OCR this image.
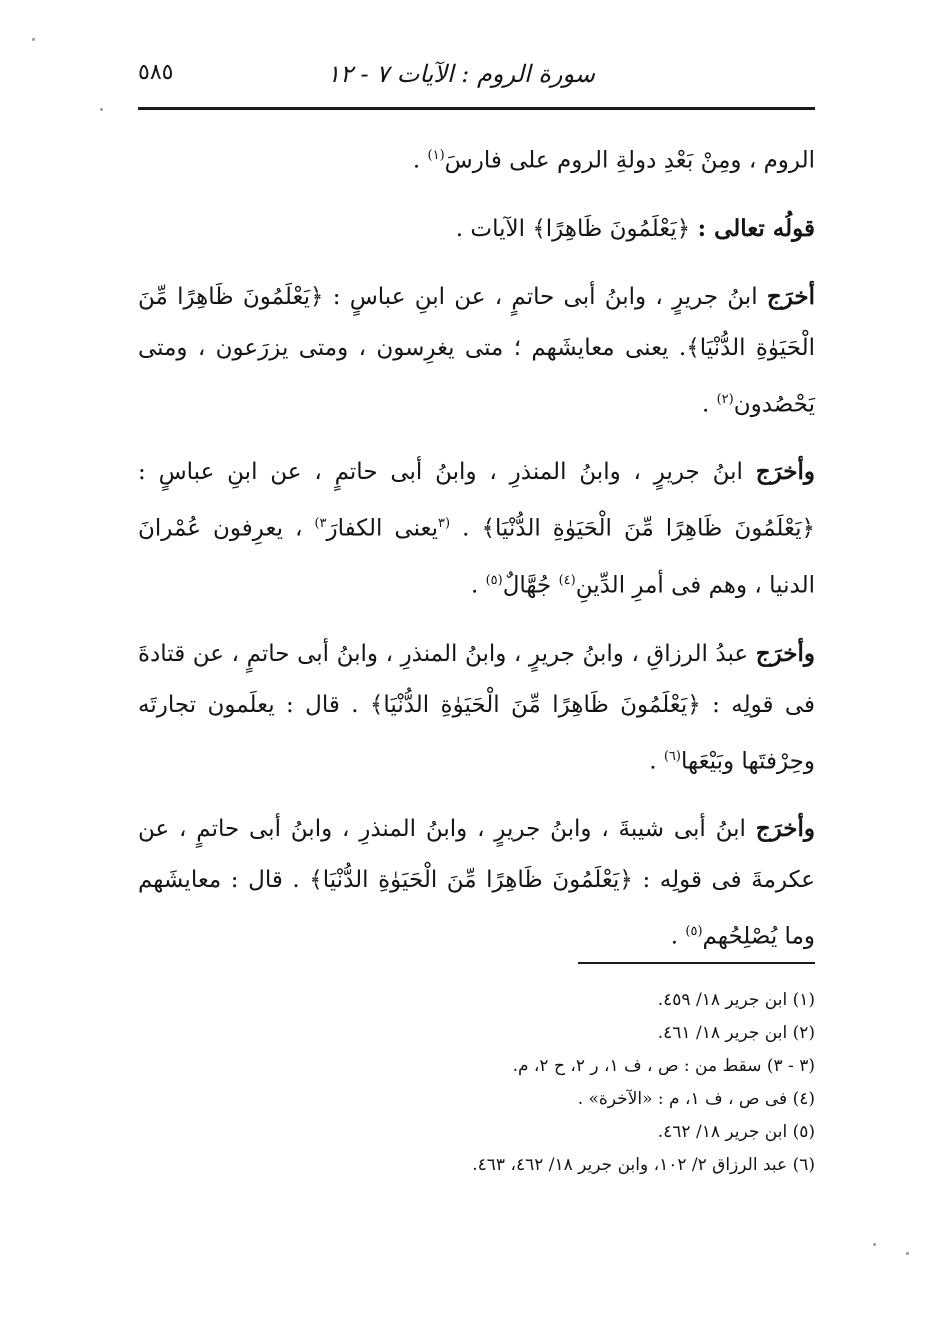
سورة الروم : الآيات ٧ - ١٢
٥٨٥

الروم ، ومِنْ بَعْدِ دولةِ الروم على فارسَ$^{(١)}$ .

قولُه تعالى : ﴿يَعْلَمُونَ ظَاهِرًا﴾ الآيات .

أخرَج ابنُ جريرٍ ، وابنُ أبى حاتمٍ ، عن ابنِ عباسٍ : ﴿يَعْلَمُونَ ظَاهِرًا مِّنَ الْحَيَوٰةِ الدُّنْيَا﴾. يعنى معايشَهم ؛ متى يغرِسون ، ومتى يزرَعون ، ومتى يَحْصُدون$^{(٢)}$ .

وأخرَج ابنُ جريرٍ ، وابنُ المنذرِ ، وابنُ أبى حاتمٍ ، عن ابنِ عباسٍ : ﴿يَعْلَمُونَ ظَاهِرًا مِّنَ الْحَيَوٰةِ الدُّنْيَا﴾ . $^{(٣}$يعنى الكفارَ$^{٣)}$ ، يعرِفون عُمْرانَ الدنيا ، وهم فى أمرِ الدِّينِ$^{(٤)}$ جُهَّالٌ$^{(٥)}$ .

وأخرَج عبدُ الرزاقِ ، وابنُ جريرٍ ، وابنُ المنذرِ ، وابنُ أبى حاتمٍ ، عن قتادةَ فى قولِه : ﴿يَعْلَمُونَ ظَاهِرًا مِّنَ الْحَيَوٰةِ الدُّنْيَا﴾ . قال : يعلَمون تجارتَه وحِرْفتَها وبَيْعَها$^{(٦)}$ .

وأخرَج ابنُ أبى شيبةَ ، وابنُ جريرٍ ، وابنُ المنذرِ ، وابنُ أبى حاتمٍ ، عن عكرمةَ فى قولِه : ﴿يَعْلَمُونَ ظَاهِرًا مِّنَ الْحَيَوٰةِ الدُّنْيَا﴾ . قال : معايشَهم وما يُصْلِحُهم$^{(٥)}$ .

(١) ابن جرير ١٨/ ٤٥٩.
(٢) ابن جرير ١٨/ ٤٦١.
(٣ - ٣) سقط من : ص ، ف ١، ر ٢، ح ٢، م.
(٤) فى ص ، ف ١، م : «الآخرة» .
(٥) ابن جرير ١٨/ ٤٦٢.
(٦) عبد الرزاق ٢/ ١٠٢، وابن جرير ١٨/ ٤٦٢، ٤٦٣.
